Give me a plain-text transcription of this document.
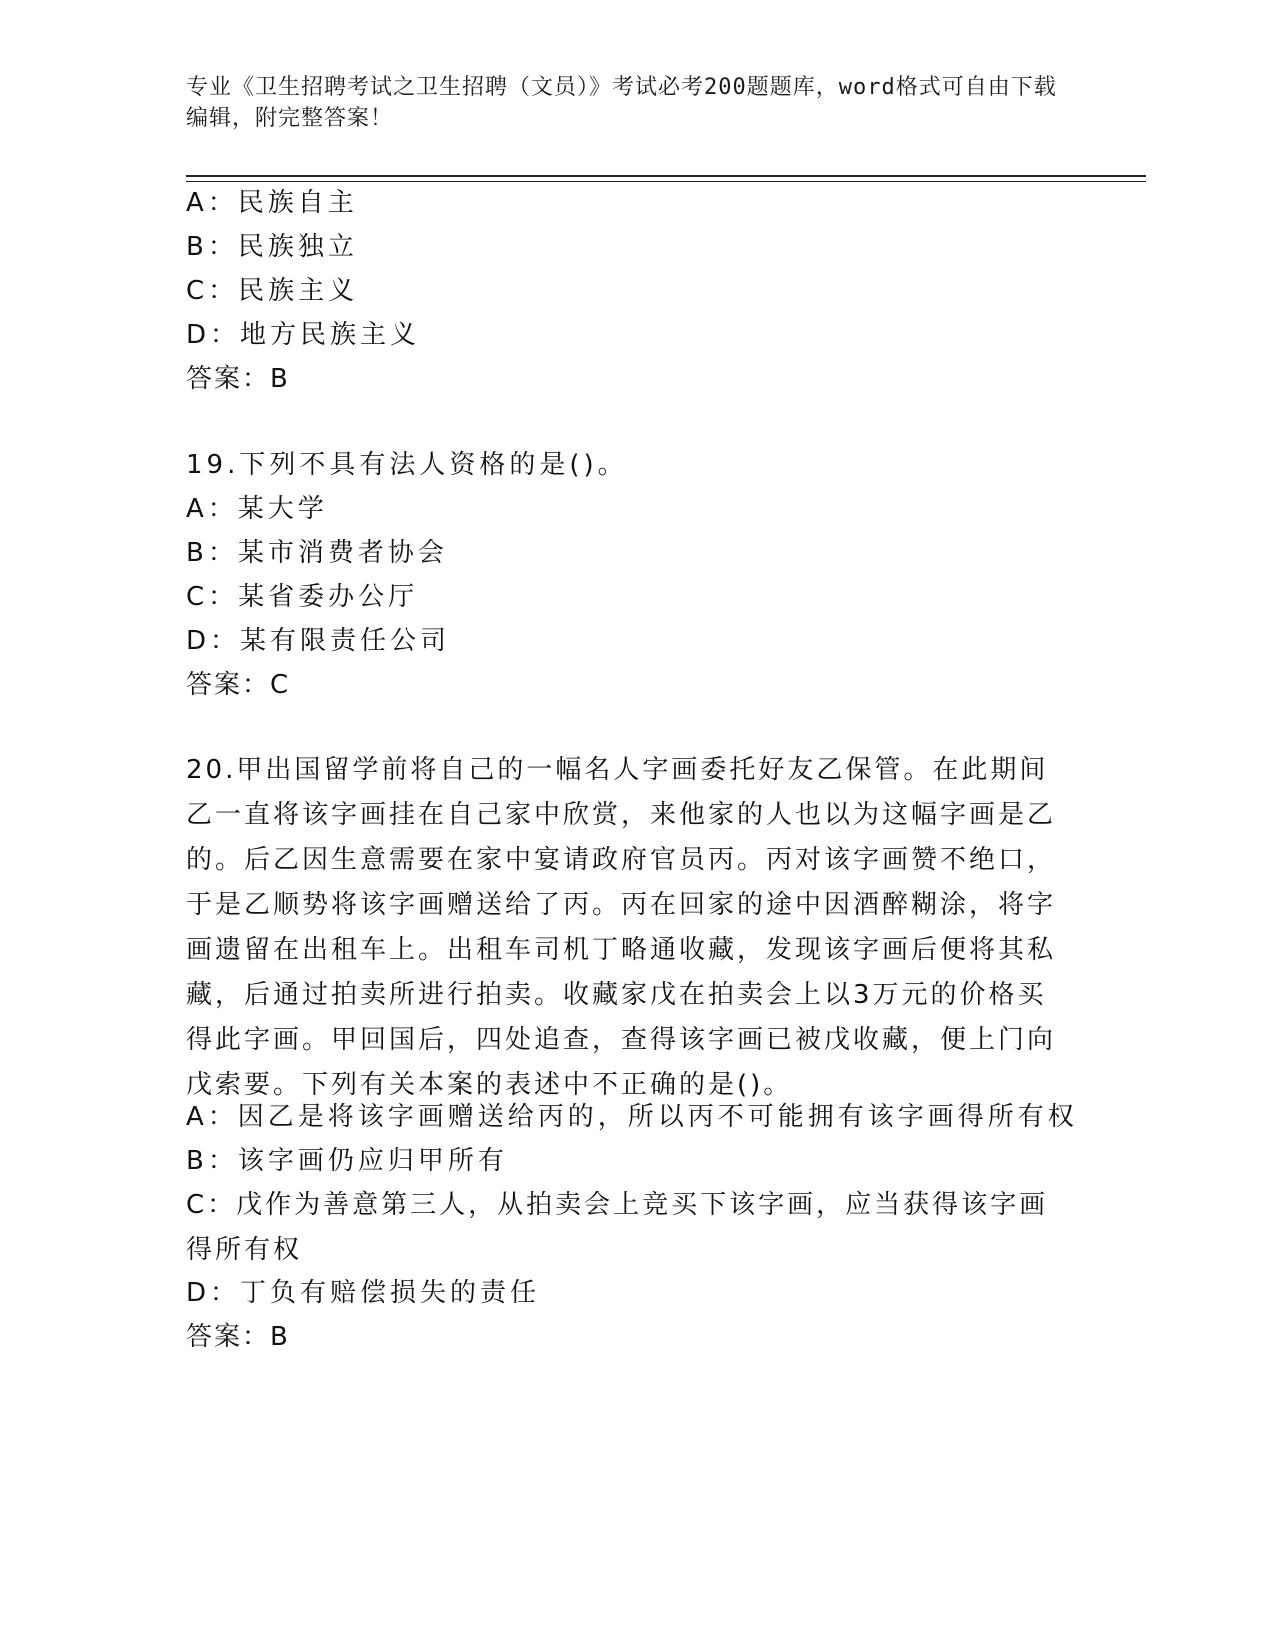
专业《卫生招聘考试之卫生招聘（文员）》考试必考200题题库，word格式可自由下载编辑，附完整答案！
A：民族自主
B：民族独立
C：民族主义
D：地方民族主义
答案：B
19.下列不具有法人资格的是()。
A：某大学
B：某市消费者协会
C：某省委办公厅
D：某有限责任公司
答案：C
20.甲出国留学前将自己的一幅名人字画委托好友乙保管。在此期间乙一直将该字画挂在自己家中欣赏，来他家的人也以为这幅字画是乙的。后乙因生意需要在家中宴请政府官员丙。丙对该字画赞不绝口，于是乙顺势将该字画赠送给了丙。丙在回家的途中因酒醉糊涂，将字画遗留在出租车上。出租车司机丁略通收藏，发现该字画后便将其私藏，后通过拍卖所进行拍卖。收藏家戊在拍卖会上以3万元的价格买得此字画。甲回国后，四处追查，查得该字画已被戊收藏，便上门向戊索要。下列有关本案的表述中不正确的是()。
A：因乙是将该字画赠送给丙的，所以丙不可能拥有该字画得所有权
B：该字画仍应归甲所有
C：戊作为善意第三人，从拍卖会上竞买下该字画，应当获得该字画得所有权
D：丁负有赔偿损失的责任
答案：B
